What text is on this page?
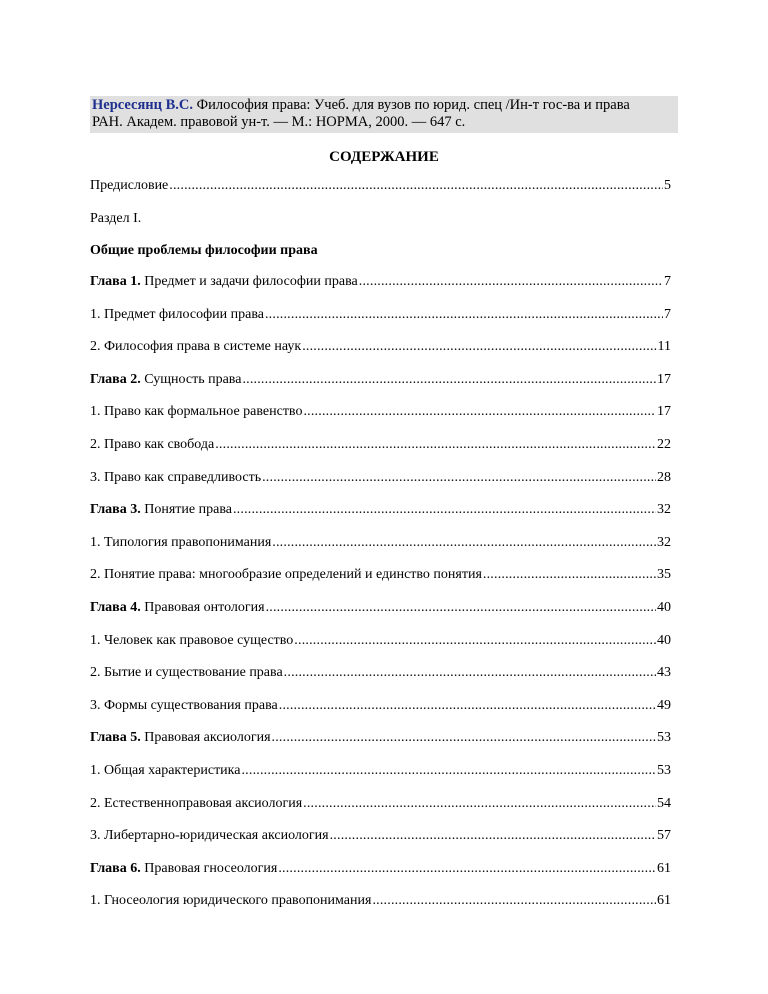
Нерсесянц В.С. Философия права: Учеб. для вузов по юрид. спец /Ин-т гос-ва и права
РАН. Академ. правовой ун-т. — М.: НОРМА, 2000. — 647 с.
СОДЕРЖАНИЕ
Предисловие .....	5
Раздел I.
Общие проблемы философии права
Глава 1. Предмет и задачи философии права .....	7
1. Предмет философии права .....	7
2. Философия права в системе наук .....	11
Глава 2. Сущность права .....	17
1. Право как формальное равенство .....	17
2. Право как свобода .....	22
3. Право как справедливость .....	28
Глава 3. Понятие права .....	32
1. Типология правопонимания .....	32
2. Понятие права: многообразие определений и единство понятия .....	35
Глава 4. Правовая онтология .....	40
1. Человек как правовое существо .....	40
2. Бытие и существование права .....	43
3. Формы существования права .....	49
Глава 5. Правовая аксиология .....	53
1. Общая характеристика .....	53
2. Естественноправовая аксиология .....	54
3. Либертарно-юридическая аксиология .....	57
Глава 6. Правовая гносеология .....	61
1. Гносеология юридического правопонимания .....	61
